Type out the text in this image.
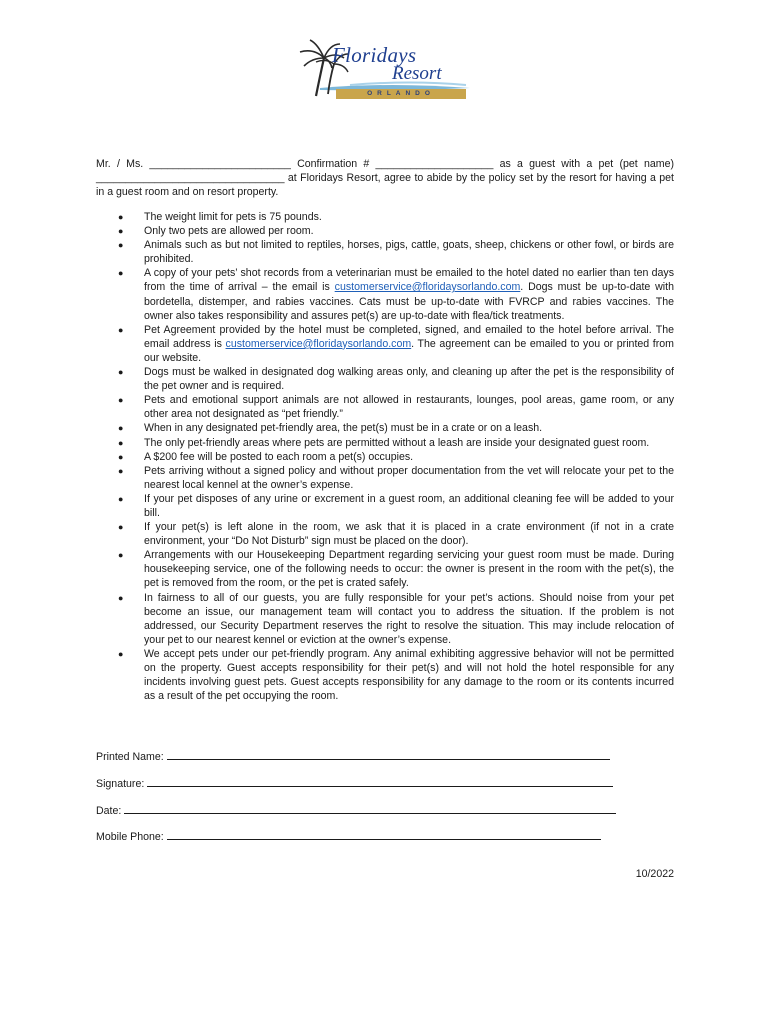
Floridays
Resort
ORLANDO
Mr. / Ms. ________________________ Confirmation # ____________________ as a guest with a pet (pet name) ________________________________ at Floridays Resort, agree to abide by the policy set by the resort for having a pet in a guest room and on resort property.
● The weight limit for pets is 75 pounds.
● Only two pets are allowed per room.
● Animals such as but not limited to reptiles, horses, pigs, cattle, goats, sheep, chickens or other fowl, or birds are prohibited.
● A copy of your pets’ shot records from a veterinarian must be emailed to the hotel dated no earlier than ten days from the time of arrival – the email is customerservice@floridaysorlando.com. Dogs must be up-to-date with bordetella, distemper, and rabies vaccines. Cats must be up-to-date with FVRCP and rabies vaccines. The owner also takes responsibility and assures pet(s) are up-to-date with flea/tick treatments.
● Pet Agreement provided by the hotel must be completed, signed, and emailed to the hotel before arrival. The email address is customerservice@floridaysorlando.com. The agreement can be emailed to you or printed from our website.
● Dogs must be walked in designated dog walking areas only, and cleaning up after the pet is the responsibility of the pet owner and is required.
● Pets and emotional support animals are not allowed in restaurants, lounges, pool areas, game room, or any other area not designated as “pet friendly.”
● When in any designated pet-friendly area, the pet(s) must be in a crate or on a leash.
● The only pet-friendly areas where pets are permitted without a leash are inside your designated guest room.
● A $200 fee will be posted to each room a pet(s) occupies.
● Pets arriving without a signed policy and without proper documentation from the vet will relocate your pet to the nearest local kennel at the owner’s expense.
● If your pet disposes of any urine or excrement in a guest room, an additional cleaning fee will be added to your bill.
● If your pet(s) is left alone in the room, we ask that it is placed in a crate environment (if not in a crate environment, your “Do Not Disturb” sign must be placed on the door).
● Arrangements with our Housekeeping Department regarding servicing your guest room must be made. During housekeeping service, one of the following needs to occur: the owner is present in the room with the pet(s), the pet is removed from the room, or the pet is crated safely.
● In fairness to all of our guests, you are fully responsible for your pet’s actions. Should noise from your pet become an issue, our management team will contact you to address the situation. If the problem is not addressed, our Security Department reserves the right to resolve the situation. This may include relocation of your pet to our nearest kennel or eviction at the owner’s expense.
● We accept pets under our pet-friendly program. Any animal exhibiting aggressive behavior will not be permitted on the property. Guest accepts responsibility for their pet(s) and will not hold the hotel responsible for any incidents involving guest pets. Guest accepts responsibility for any damage to the room or its contents incurred as a result of the pet occupying the room.
Printed Name:
Signature:
Date:
Mobile Phone:
10/2022
